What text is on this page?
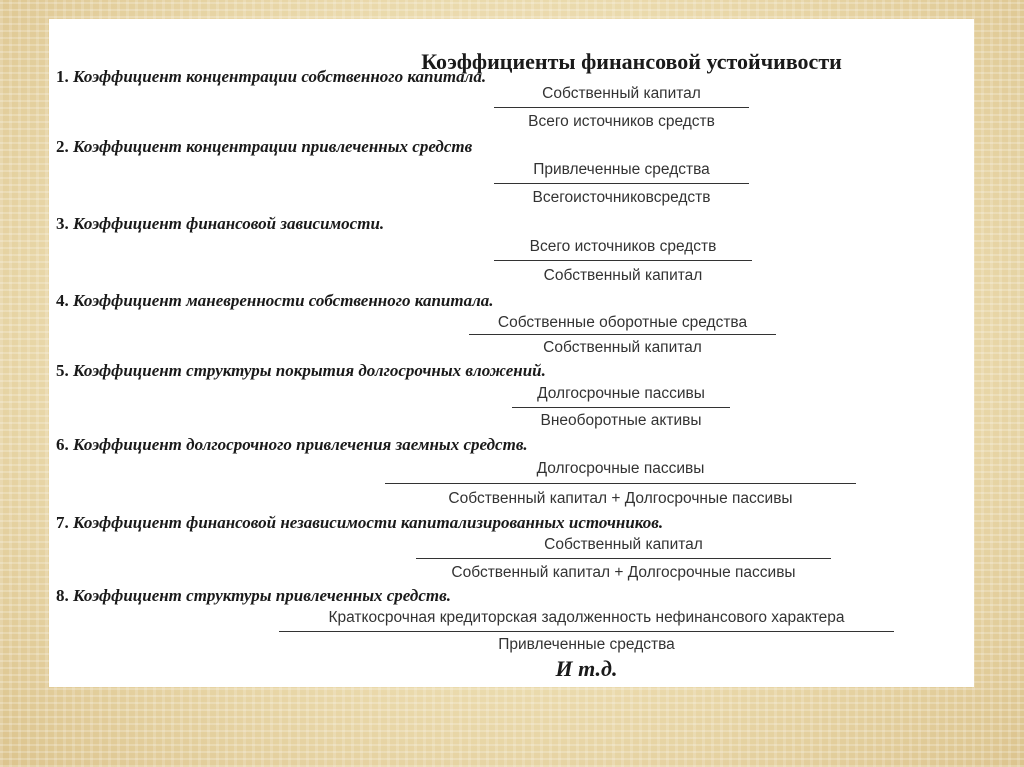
Коэффициенты финансовой устойчивости
1. Коэффициент концентрации собственного капитала.
Собственный капитал
Всего источников средств
2. Коэффициент концентрации привлеченных средств
Привлеченные средства
Всегоисточниковсредств
3. Коэффициент финансовой зависимости.
Всего источников средств
Собственный капитал
4. Коэффициент маневренности собственного капитала.
Собственные оборотные средства
Собственный капитал
5. Коэффициент структуры покрытия долгосрочных вложений.
Долгосрочные пассивы
Внеоборотные активы
6. Коэффициент долгосрочного привлечения заемных средств.
Долгосрочные пассивы
Собственный капитал + Долгосрочные пассивы
7. Коэффициент финансовой независимости капитализированных источников.
Собственный капитал
Собственный капитал + Долгосрочные пассивы
8. Коэффициент структуры привлеченных средств.
Краткосрочная кредиторская задолженность нефинансового характера
Привлеченные средства
И т.д.
